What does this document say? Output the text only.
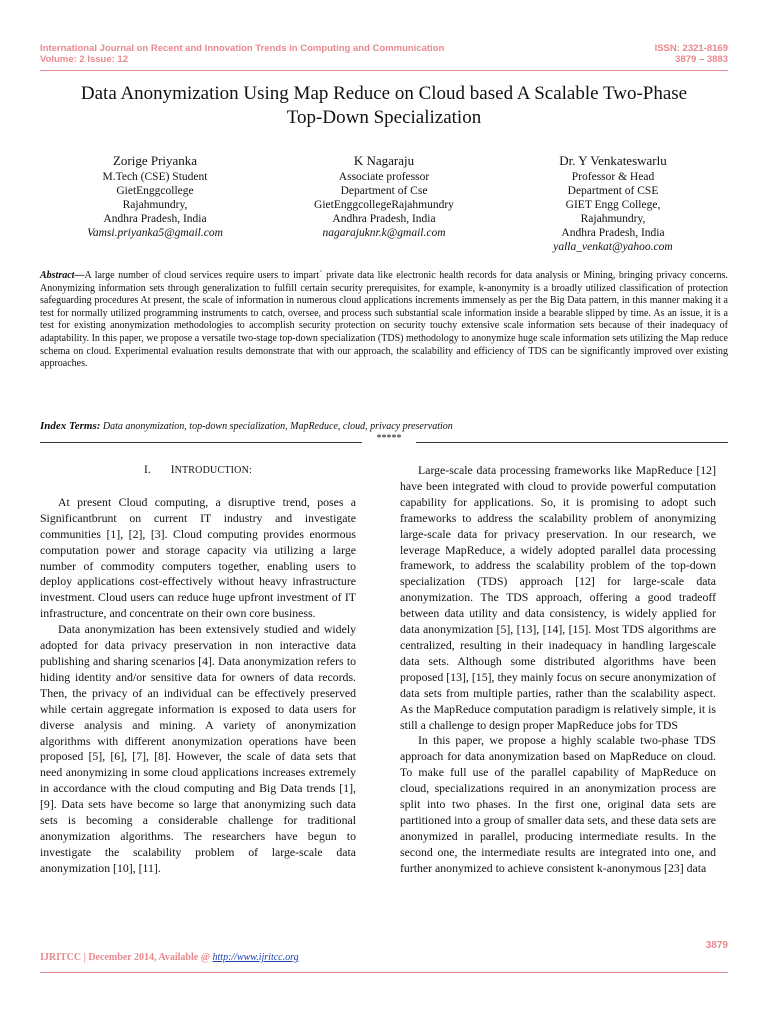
International Journal on Recent and Innovation Trends in Computing and Communication
Volume: 2 Issue: 12
ISSN: 2321-8169
3879 – 3883
Data Anonymization Using Map Reduce on Cloud based A Scalable Two-Phase
Top-Down Specialization
Zorige Priyanka
M.Tech (CSE) Student
GietEnggcollege
Rajahmundry,
Andhra Pradesh, India
Vamsi.priyanka5@gmail.com
K Nagaraju
Associate professor
Department of Cse
GietEnggcollegeRajahmundry
Andhra Pradesh, India
nagarajuknr.k@gmail.com
Dr. Y Venkateswarlu
Professor & Head
Department of CSE
GIET Engg College,
Rajahmundry,
Andhra Pradesh, India
yalla_venkat@yahoo.com
Abstract—A large number of cloud services require users to impart` private data like electronic health records for data analysis or Mining, bringing privacy concerns. Anonymizing information sets through generalization to fulfill certain security prerequisites, for example, k-anonymity is a broadly utilized classification of protection safeguarding procedures At present, the scale of information in numerous cloud applications increments immensely as per the Big Data pattern, in this manner making it a test for normally utilized programming instruments to catch, oversee, and process such substantial scale information inside a bearable slipped by time. As an issue, it is a test for existing anonymization methodologies to accomplish security protection on security touchy extensive scale information sets because of their inadequacy of adaptability. In this paper, we propose a versatile two-stage top-down specialization (TDS) methodology to anonymize huge scale information sets utilizing the Map reduce schema on cloud. Experimental evaluation results demonstrate that with our approach, the scalability and efficiency of TDS can be significantly improved over existing approaches.
Index Terms: Data anonymization, top-down specialization, MapReduce, cloud, privacy preservation
*****
I. INTRODUCTION:

At present Cloud computing, a disruptive trend, poses a Significantbrunt on current IT industry and investigate communities [1], [2], [3]. Cloud computing provides enormous computation power and storage capacity via utilizing a large number of commodity computers together, enabling users to deploy applications cost-effectively without heavy infrastructure investment. Cloud users can reduce huge upfront investment of IT infrastructure, and concentrate on their own core business.

Data anonymization has been extensively studied and widely adopted for data privacy preservation in non interactive data publishing and sharing scenarios [4]. Data anonymization refers to hiding identity and/or sensitive data for owners of data records. Then, the privacy of an individual can be effectively preserved while certain aggregate information is exposed to data users for diverse analysis and mining. A variety of anonymization algorithms with different anonymization operations have been proposed [5], [6], [7], [8]. However, the scale of data sets that need anonymizing in some cloud applications increases extremely in accordance with the cloud computing and Big Data trends [1], [9]. Data sets have become so large that anonymizing such data sets is becoming a considerable challenge for traditional anonymization algorithms. The researchers have begun to investigate the scalability problem of large-scale data anonymization [10], [11].

Large-scale data processing frameworks like MapReduce [12] have been integrated with cloud to provide powerful computation capability for applications. So, it is promising to adopt such frameworks to address the scalability problem of anonymizing large-scale data for privacy preservation. In our research, we leverage MapReduce, a widely adopted parallel data processing framework, to address the scalability problem of the top-down specialization (TDS) approach [12] for large-scale data anonymization. The TDS approach, offering a good tradeoff between data utility and data consistency, is widely applied for data anonymization [5], [13], [14], [15]. Most TDS algorithms are centralized, resulting in their inadequacy in handling largescale data sets. Although some distributed algorithms have been proposed [13], [15], they mainly focus on secure anonymization of data sets from multiple parties, rather than the scalability aspect. As the MapReduce computation paradigm is relatively simple, it is still a challenge to design proper MapReduce jobs for TDS

In this paper, we propose a highly scalable two-phase TDS approach for data anonymization based on MapReduce on cloud. To make full use of the parallel capability of MapReduce on cloud, specializations required in an anonymization process are split into two phases. In the first one, original data sets are partitioned into a group of smaller data sets, and these data sets are anonymized in parallel, producing intermediate results. In the second one, the intermediate results are integrated into one, and further anonymized to achieve consistent k-anonymous [23] data

3879
IJRITCC | December 2014, Available @ http://www.ijritcc.org
